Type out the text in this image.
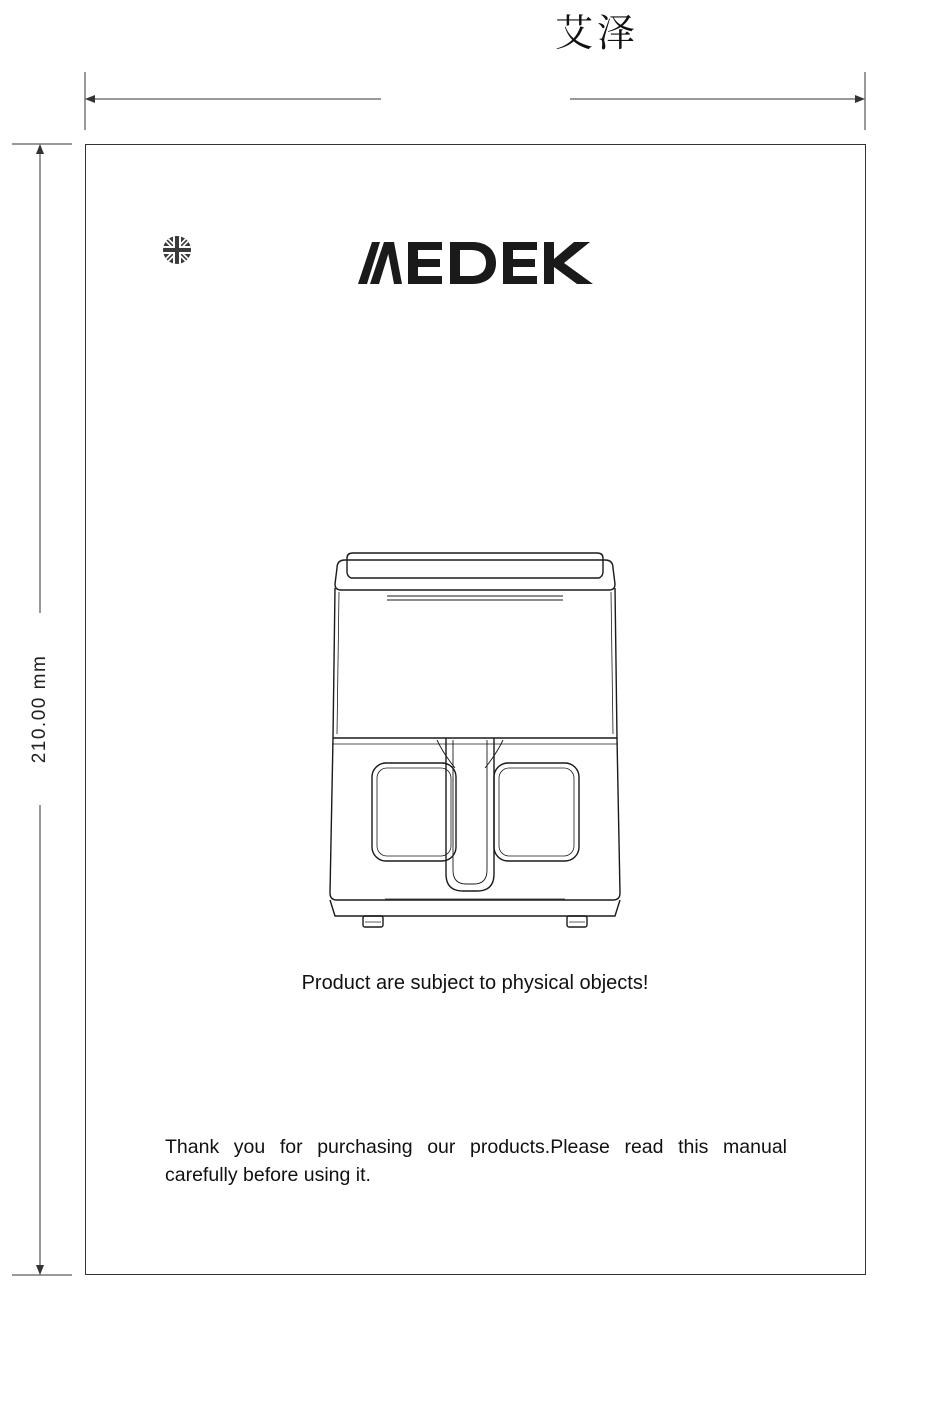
艾泽
210.00 mm
Product are subject to physical objects!
Thank you for purchasing our products.Please read this manual carefully before using it.
